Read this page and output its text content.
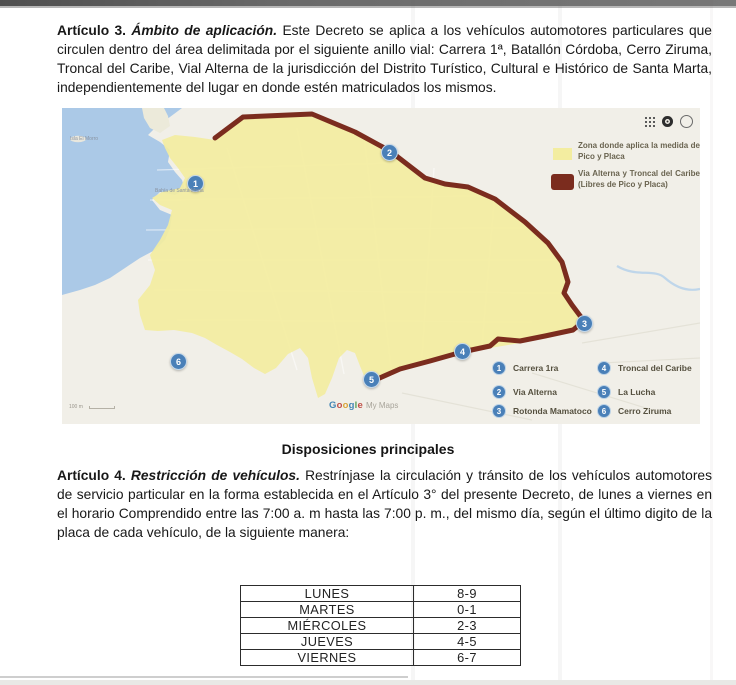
Artículo 3. Ámbito de aplicación. Este Decreto se aplica a los vehículos automotores particulares que circulen dentro del área delimitada por el siguiente anillo vial: Carrera 1ª, Batallón Córdoba, Cerro Ziruma, Troncal del Caribe, Vial Alterna de la jurisdicción del Distrito Turístico, Cultural e Histórico de Santa Marta, independientemente del lugar en donde estén matriculados los mismos.

Zona donde aplica la medida de Pico y Placa
Via Alterna y Troncal del Caribe (Libres de Pico y Placa)
1
2
3
4
5
6
1	Carrera 1ra
2	Via Alterna
3	Rotonda Mamatoco
4	Troncal del Caribe
5	La Lucha
6	Cerro Ziruma
Isla El Morro
Bahía de Santa Marta
Google My Maps
100 m
Disposiciones principales

Artículo 4. Restricción de vehículos. Restrínjase la circulación y tránsito de los vehículos automotores de servicio particular en la forma establecida en el Artículo 3° del presente Decreto, de lunes a viernes en el horario Comprendido entre las 7:00 a. m hasta las 7:00 p. m., del mismo día, según el último digito de la placa de cada vehículo, de la siguiente manera:

LUNES	8-9
MARTES	0-1
MIÉRCOLES	2-3
JUEVES	4-5
VIERNES	6-7
